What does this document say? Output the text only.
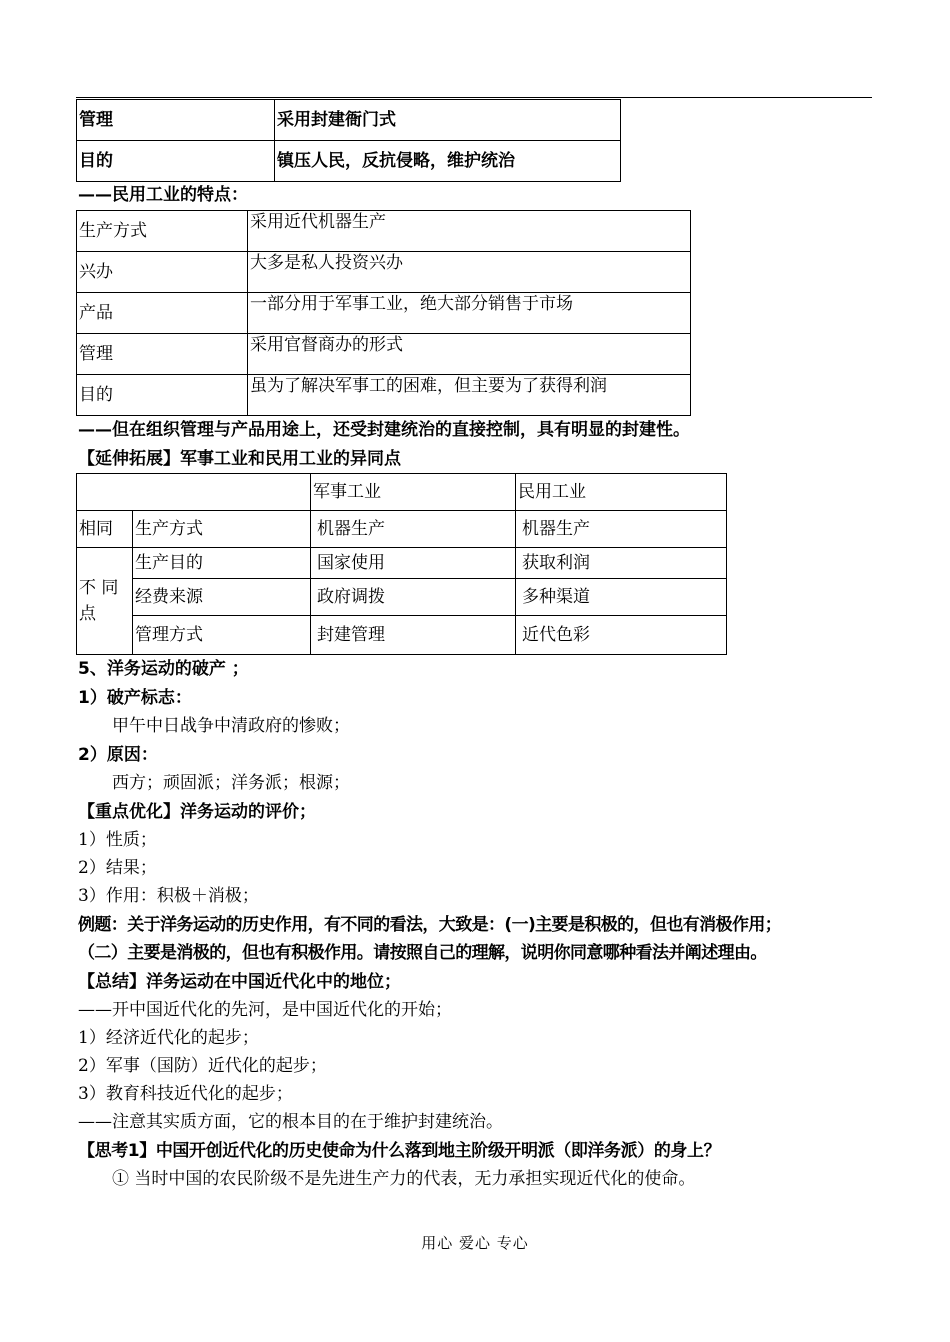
管理	采用封建衙门式
目的	镇压人民，反抗侵略，维护统治
——民用工业的特点：
生产方式	采用近代机器生产
兴办	大多是私人投资兴办
产品	一部分用于军事工业，绝大部分销售于市场
管理	采用官督商办的形式
目的	虽为了解决军事工的困难，但主要为了获得利润
——但在组织管理与产品用途上，还受封建统治的直接控制，具有明显的封建性。
【延伸拓展】军事工业和民用工业的异同点
		军事工业	民用工业
相同	生产方式	机器生产	机器生产
不 同点	生产目的	国家使用	获取利润
	经费来源	政府调拨	多种渠道
	管理方式	封建管理	近代色彩
5、洋务运动的破产 ；
1）破产标志：
甲午中日战争中清政府的惨败；
2）原因：
西方；顽固派；洋务派；根源；
【重点优化】洋务运动的评价；
1）性质；
2）结果；
3）作用：积极＋消极；
例题：关于洋务运动的历史作用，有不同的看法，大致是：(一)主要是积极的，但也有消极作用；
（二）主要是消极的，但也有积极作用。请按照自己的理解，说明你同意哪种看法并阐述理由。
【总结】洋务运动在中国近代化中的地位；
——开中国近代化的先河，是中国近代化的开始；
1）经济近代化的起步；
2）军事（国防）近代化的起步；
3）教育科技近代化的起步；
——注意其实质方面，它的根本目的在于维护封建统治。
【思考1】中国开创近代化的历史使命为什么落到地主阶级开明派（即洋务派）的身上？
① 当时中国的农民阶级不是先进生产力的代表，无力承担实现近代化的使命。
用心 爱心 专心
